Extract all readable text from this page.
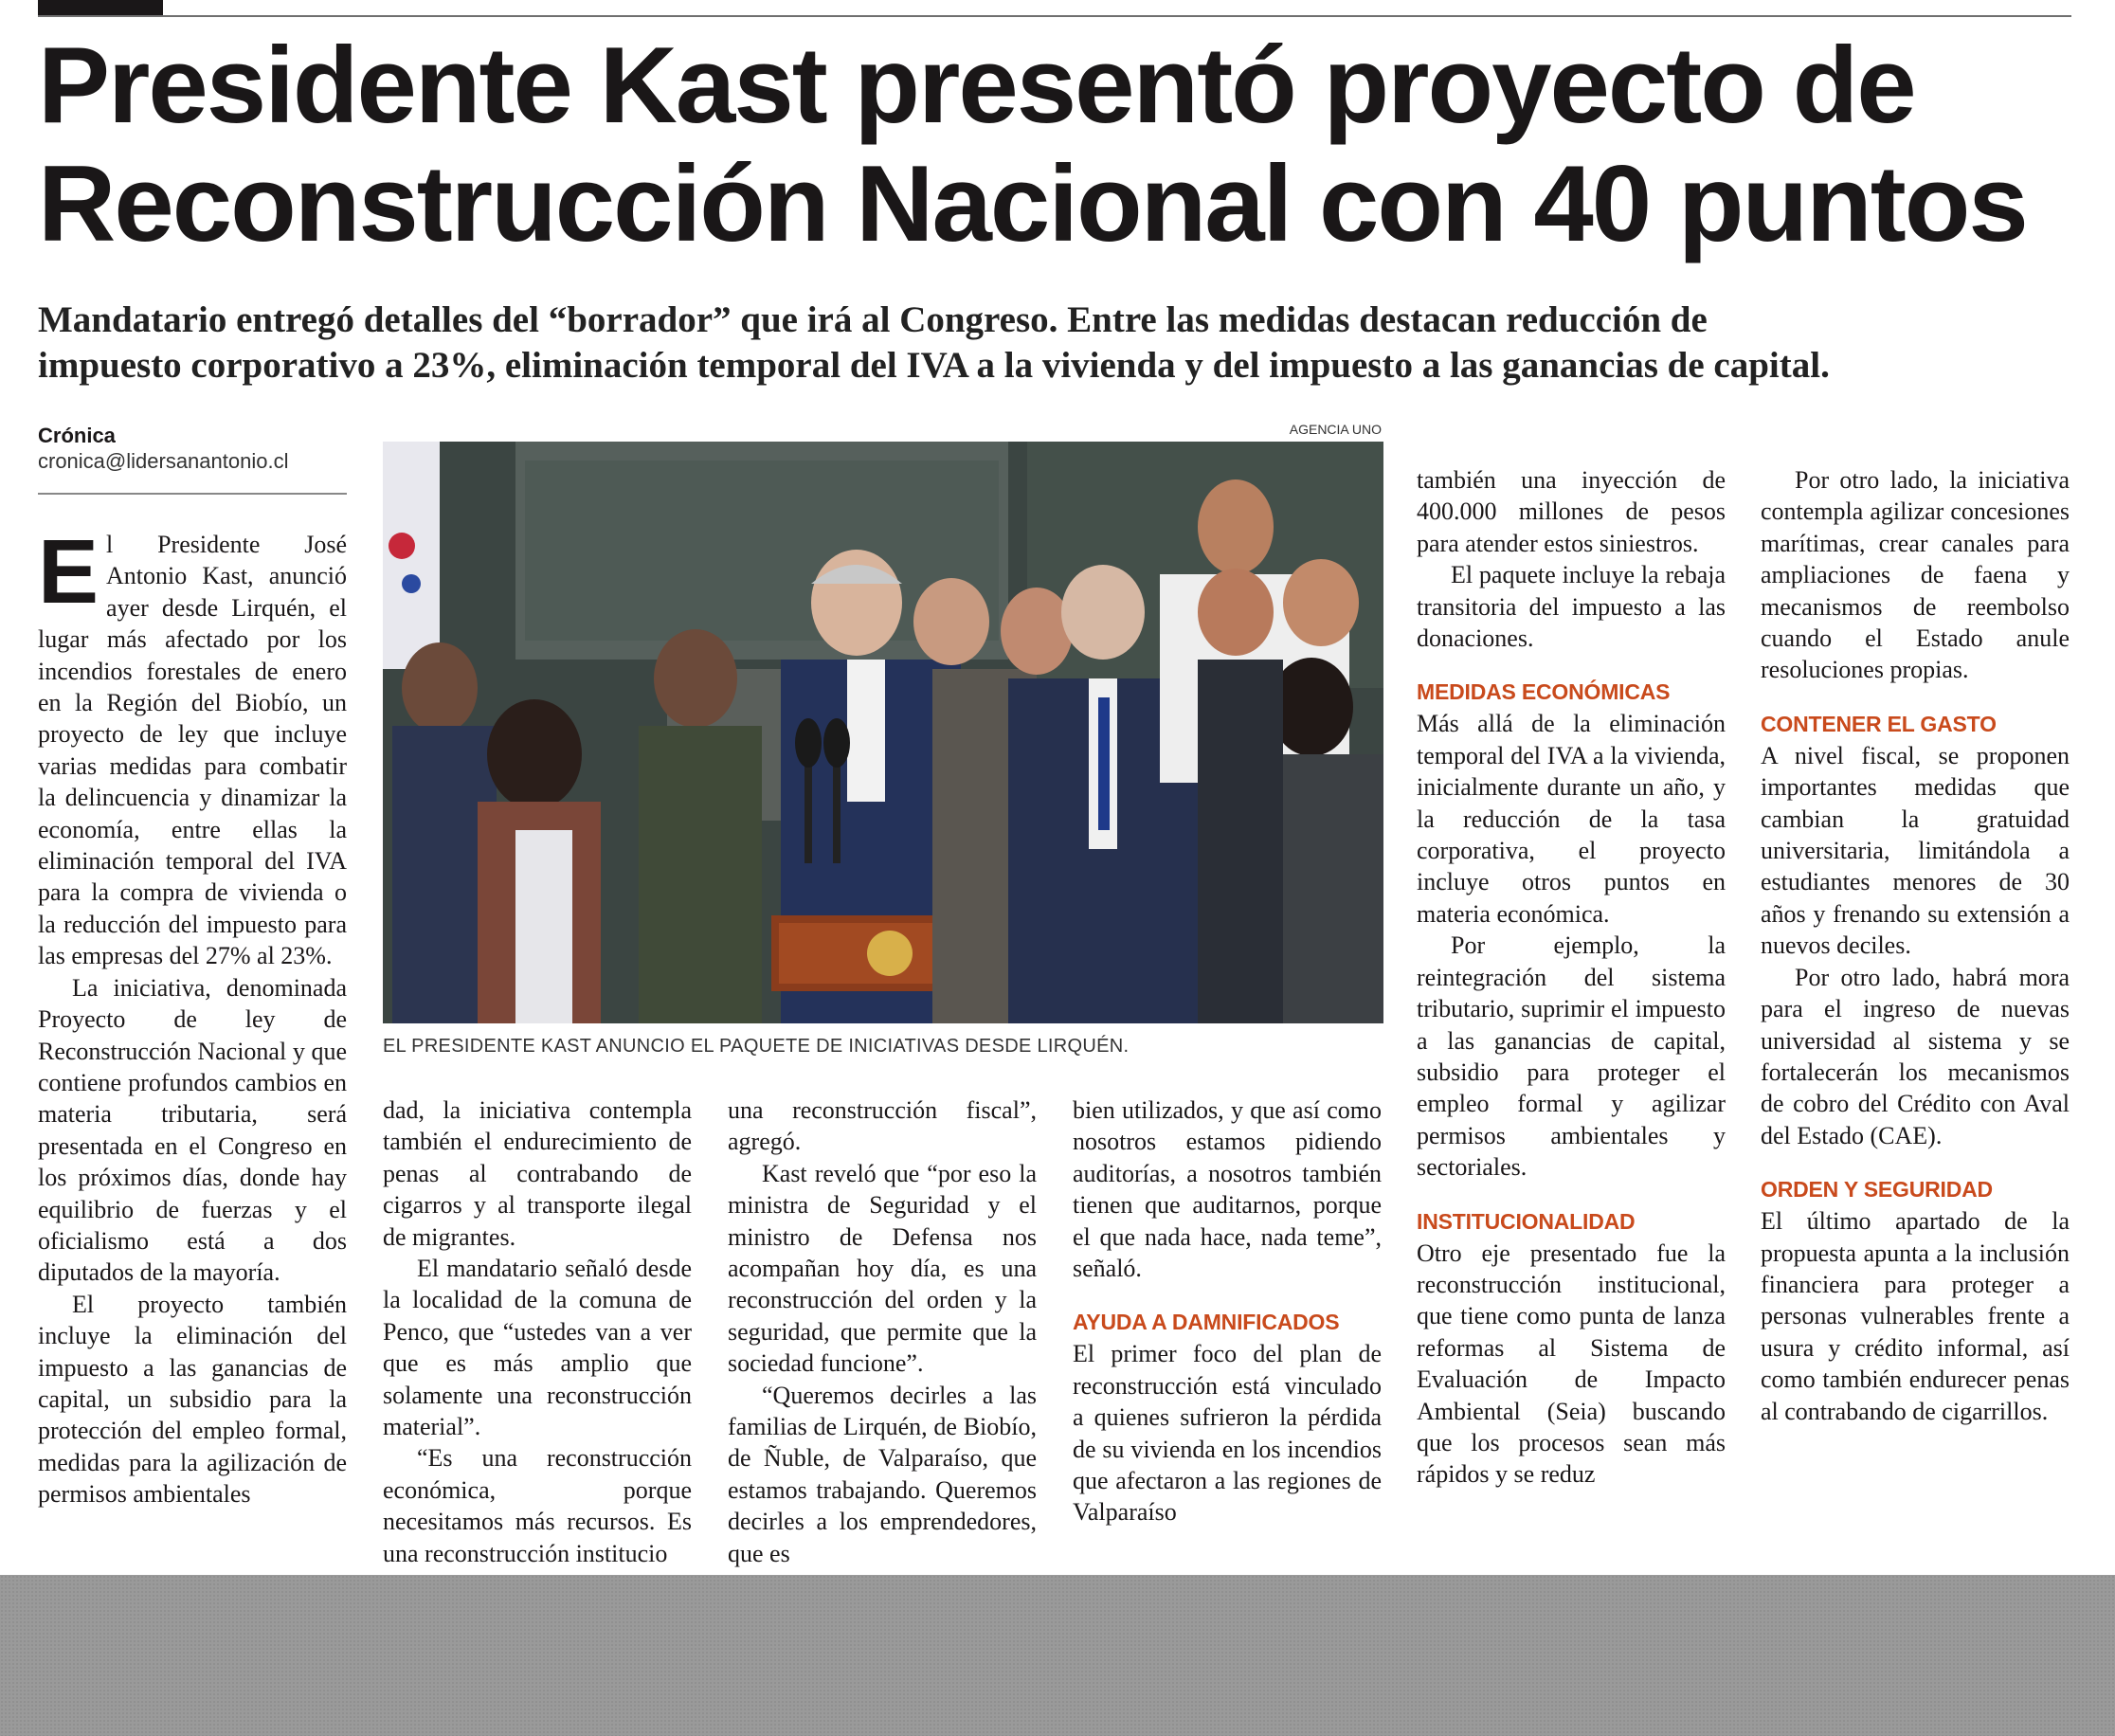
Presidente Kast presentó proyecto de
Reconstrucción Nacional con 40 puntos
Mandatario entregó detalles del “borrador” que irá al Congreso. Entre las medidas destacan reducción de
impuesto corporativo a 23%, eliminación temporal del IVA a la vivienda y del impuesto a las ganancias de capital.
Crónica
cronica@lidersanantonio.cl
AGENCIA UNO
EL PRESIDENTE KAST ANUNCIO EL PAQUETE DE INICIATIVAS DESDE LIRQUÉN.

El Presidente José Antonio Kast, anunció ayer desde Lirquén, el lugar más afectado por los incendios forestales de enero en la Región del Biobío, un proyecto de ley que incluye varias medidas para combatir la delincuencia y dinamizar la economía, entre ellas la eliminación temporal del IVA para la compra de vivienda o la reducción del impuesto para las empresas del 27% al 23%.

La iniciativa, denominada Proyecto de ley de Reconstrucción Nacional y que contiene profundos cambios en materia tributaria, será presentada en el Congreso en los próximos días, donde hay equilibrio de fuerzas y el oficialismo está a dos diputados de la mayoría.

El proyecto también incluye la eliminación del impuesto a las ganancias de capital, un subsidio para la protección del empleo formal, medidas para la agilización de permisos ambientales

dad, la iniciativa contempla también el endurecimiento de penas al contrabando de cigarros y al transporte ilegal de migrantes.

El mandatario señaló desde la localidad de la comuna de Penco, que “ustedes van a ver que es más amplio que solamente una reconstrucción material”.

“Es una reconstrucción económica, porque necesitamos más recursos. Es una reconstrucción institucio

una reconstrucción fiscal”, agregó.

Kast reveló que “por eso la ministra de Seguridad y el ministro de Defensa nos acompañan hoy día, es una reconstrucción del orden y la seguridad, que permite que la sociedad funcione”.

“Queremos decirles a las familias de Lirquén, de Biobío, de Ñuble, de Valparaíso, que estamos trabajando. Queremos decirles a los emprendedores, que es

bien utilizados, y que así como nosotros estamos pidiendo auditorías, a nosotros también tienen que auditarnos, porque el que nada hace, nada teme”, señaló.

AYUDA A DAMNIFICADOS

El primer foco del plan de reconstrucción está vinculado a quienes sufrieron la pérdida de su vivienda en los incendios que afectaron a las regiones de Valparaíso

también una inyección de 400.000 millones de pesos para atender estos siniestros.

El paquete incluye la rebaja transitoria del impuesto a las donaciones.

MEDIDAS ECONÓMICAS

Más allá de la eliminación temporal del IVA a la vivienda, inicialmente durante un año, y la reducción de la tasa corporativa, el proyecto incluye otros puntos en materia económica.

Por ejemplo, la reintegración del sistema tributario, suprimir el impuesto a las ganancias de capital, subsidio para proteger el empleo formal y agilizar permisos ambientales y sectoriales.

INSTITUCIONALIDAD

Otro eje presentado fue la reconstrucción institucional, que tiene como punta de lanza reformas al Sistema de Evaluación de Impacto Ambiental (Seia) buscando que los procesos sean más rápidos y se reduz

Por otro lado, la iniciativa contempla agilizar concesiones marítimas, crear canales para ampliaciones de faena y mecanismos de reembolso cuando el Estado anule resoluciones propias.

CONTENER EL GASTO

A nivel fiscal, se proponen importantes medidas que cambian la gratuidad universitaria, limitándola a estudiantes menores de 30 años y frenando su extensión a nuevos deciles.

Por otro lado, habrá mora para el ingreso de nuevas universidad al sistema y se fortalecerán los mecanismos de cobro del Crédito con Aval del Estado (CAE).

ORDEN Y SEGURIDAD

El último apartado de la propuesta apunta a la inclusión financiera para proteger a personas vulnerables frente a usura y crédito informal, así como también endurecer penas al contrabando de cigarrillos.
